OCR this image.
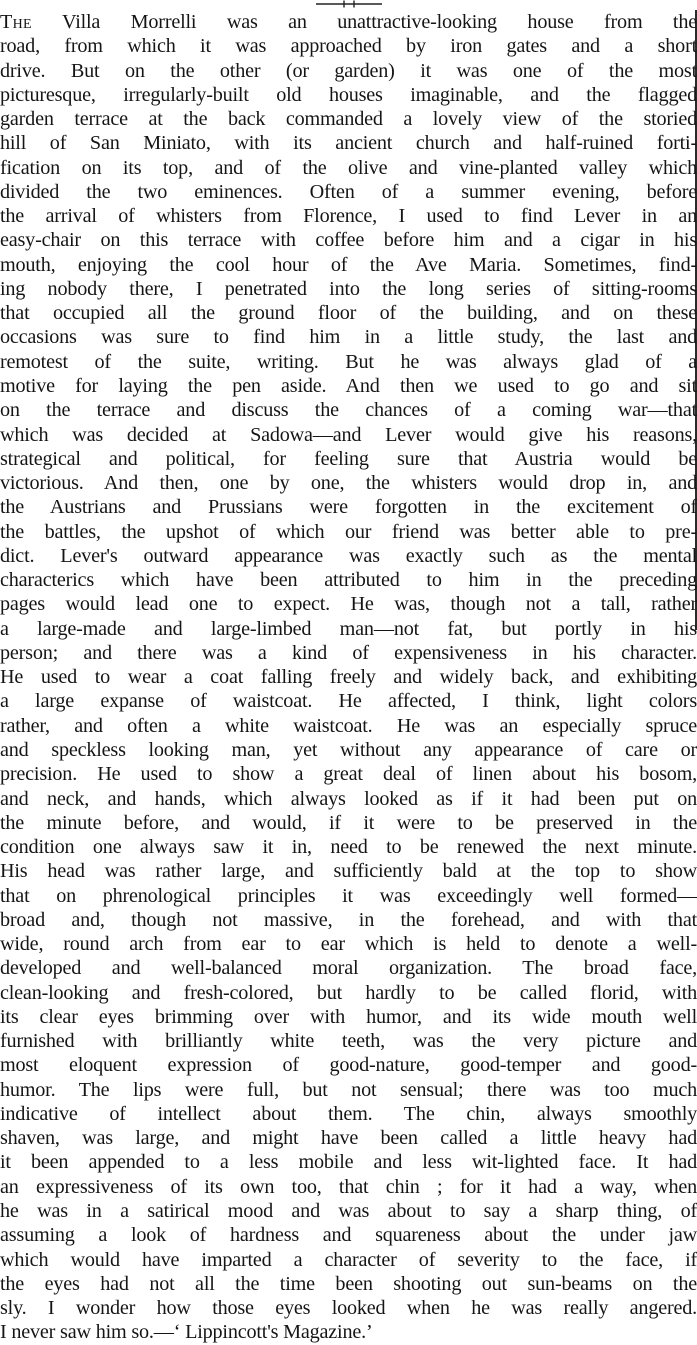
The Villa Morrelli was an unattractive-looking house from the
road, from which it was approached by iron gates and a short
drive. But on the other (or garden) it was one of the most
picturesque, irregularly-built old houses imaginable, and the flagged
garden terrace at the back commanded a lovely view of the storied
hill of San Miniato, with its ancient church and half-ruined forti-
fication on its top, and of the olive and vine-planted valley which
divided the two eminences. Often of a summer evening, before
the arrival of whisters from Florence, I used to find Lever in an
easy-chair on this terrace with coffee before him and a cigar in his
mouth, enjoying the cool hour of the Ave Maria. Sometimes, find-
ing nobody there, I penetrated into the long series of sitting-rooms
that occupied all the ground floor of the building, and on these
occasions was sure to find him in a little study, the last and
remotest of the suite, writing. But he was always glad of a
motive for laying the pen aside. And then we used to go and sit
on the terrace and discuss the chances of a coming war—that
which was decided at Sadowa—and Lever would give his reasons,
strategical and political, for feeling sure that Austria would be
victorious. And then, one by one, the whisters would drop in, and
the Austrians and Prussians were forgotten in the excitement of
the battles, the upshot of which our friend was better able to pre-
dict. Lever's outward appearance was exactly such as the mental
characterics which have been attributed to him in the preceding
pages would lead one to expect. He was, though not a tall, rather
a large-made and large-limbed man—not fat, but portly in his
person; and there was a kind of expensiveness in his character.
He used to wear a coat falling freely and widely back, and exhibiting
a large expanse of waistcoat. He affected, I think, light colors
rather, and often a white waistcoat. He was an especially spruce
and speckless looking man, yet without any appearance of care or
precision. He used to show a great deal of linen about his bosom,
and neck, and hands, which always looked as if it had been put on
the minute before, and would, if it were to be preserved in the
condition one always saw it in, need to be renewed the next minute.
His head was rather large, and sufficiently bald at the top to show
that on phrenological principles it was exceedingly well formed—
broad and, though not massive, in the forehead, and with that
wide, round arch from ear to ear which is held to denote a well-
developed and well-balanced moral organization. The broad face,
clean-looking and fresh-colored, but hardly to be called florid, with
its clear eyes brimming over with humor, and its wide mouth well
furnished with brilliantly white teeth, was the very picture and
most eloquent expression of good-nature, good-temper and good-
humor. The lips were full, but not sensual; there was too much
indicative of intellect about them. The chin, always smoothly
shaven, was large, and might have been called a little heavy had
it been appended to a less mobile and less wit-lighted face. It had
an expressiveness of its own too, that chin ; for it had a way, when
he was in a satirical mood and was about to say a sharp thing, of
assuming a look of hardness and squareness about the under jaw
which would have imparted a character of severity to the face, if
the eyes had not all the time been shooting out sun-beams on the
sly. I wonder how those eyes looked when he was really angered.
I never saw him so.—‘ Lippincott's Magazine.’
